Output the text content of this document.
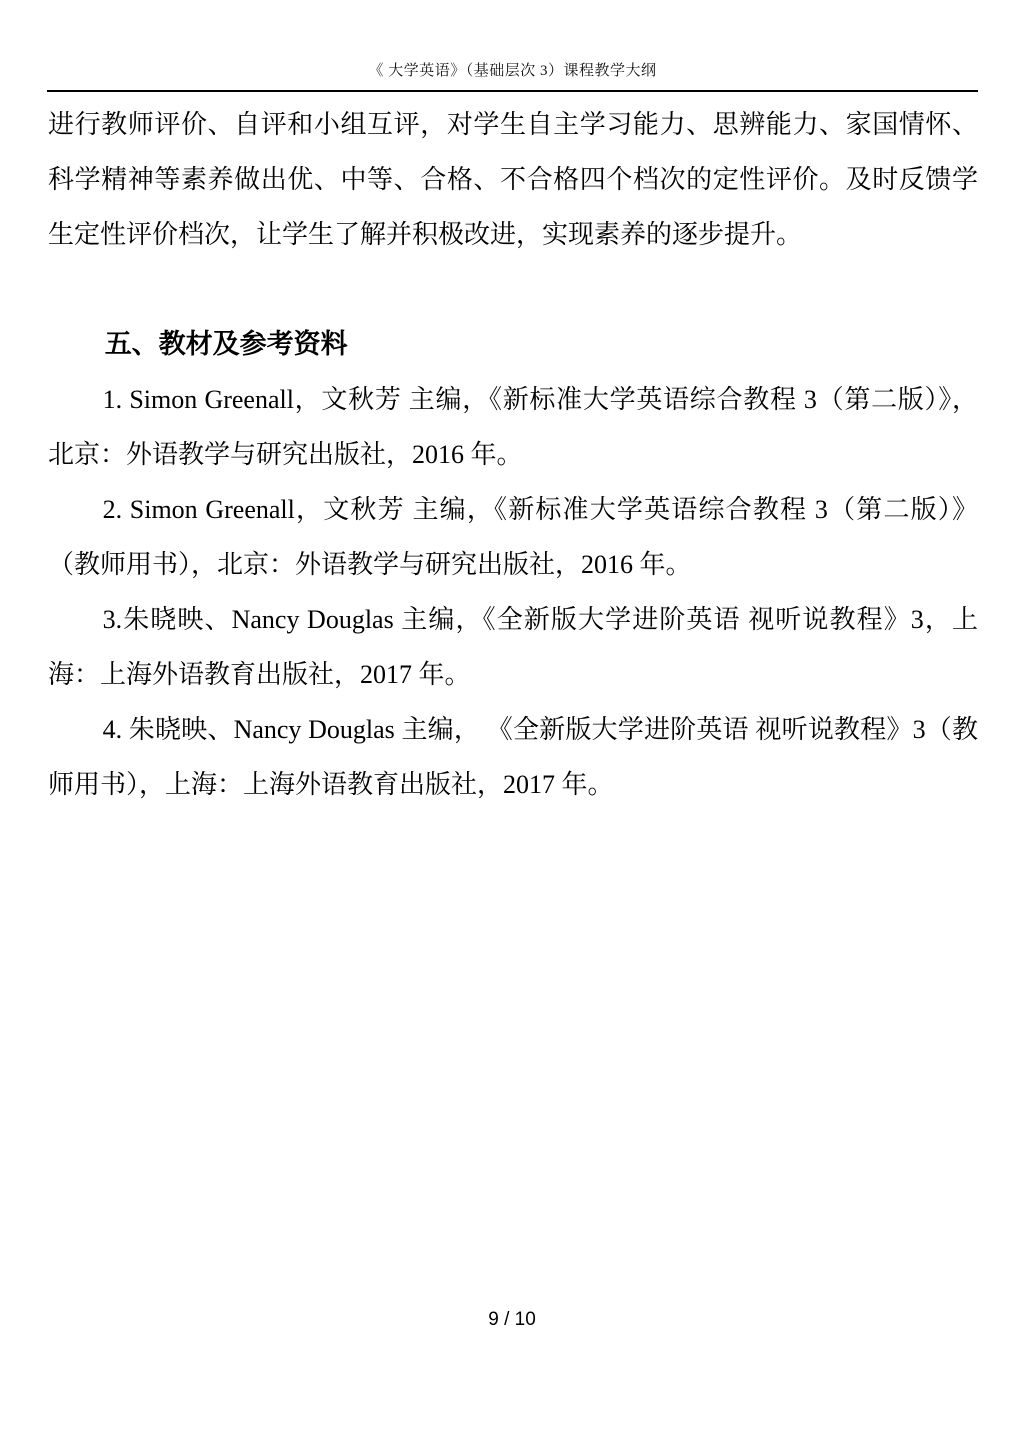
《 大学英语》（基础层次 3）课程教学大纲

进行教师评价、自评和小组互评，对学生自主学习能力、思辨能力、家国情怀、科学精神等素养做出优、中等、合格、不合格四个档次的定性评价。及时反馈学生定性评价档次，让学生了解并积极改进，实现素养的逐步提升。

五、教材及参考资料

1. Simon Greenall，文秋芳 主编，《新标准大学英语综合教程 3（第二版）》，北京：外语教学与研究出版社，2016 年。

2. Simon Greenall，文秋芳 主编，《新标准大学英语综合教程 3（第二版）》（教师用书），北京：外语教学与研究出版社，2016 年。

3.朱晓映、Nancy Douglas 主编，《全新版大学进阶英语 视听说教程》3，上海：上海外语教育出版社，2017 年。

4. 朱晓映、Nancy Douglas 主编， 《全新版大学进阶英语 视听说教程》3（教师用书），上海：上海外语教育出版社，2017 年。

9 / 10
